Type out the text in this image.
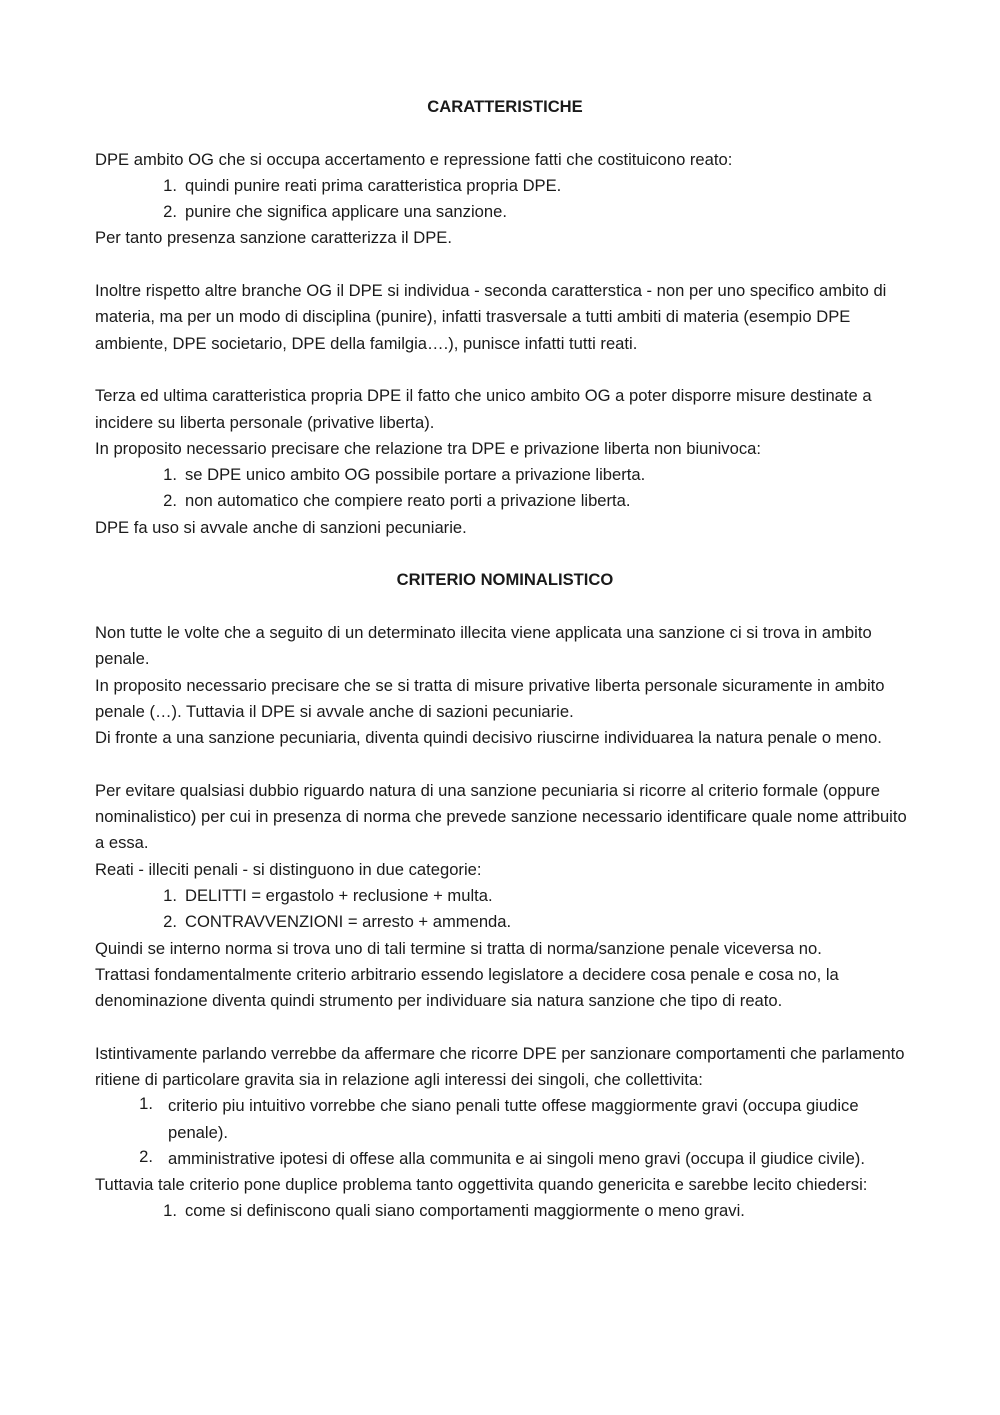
CARATTERISTICHE

DPE ambito OG che si occupa accertamento e repressione fatti che costituicono reato:

1. quindi punire reati prima caratteristica propria DPE.
2. punire che significa applicare una sanzione.

Per tanto presenza sanzione caratterizza il DPE.

Inoltre rispetto altre branche OG il DPE si individua - seconda caratterstica - non per uno specifico ambito di materia, ma per un modo di disciplina (punire), infatti trasversale a tutti ambiti di materia (esempio DPE ambiente, DPE societario, DPE della familgia….), punisce infatti tutti reati.

Terza ed ultima caratteristica propria DPE il fatto che unico ambito OG a poter disporre misure destinate a incidere su liberta personale (privative liberta).

In proposito necessario precisare che relazione tra DPE e privazione liberta non biunivoca:

1. se DPE unico ambito OG possibile portare a privazione liberta.
2. non automatico che compiere reato porti a privazione liberta.

DPE fa uso si avvale anche di sanzioni pecuniarie.

CRITERIO NOMINALISTICO

Non tutte le volte che a seguito di un determinato illecita viene applicata una sanzione ci si trova in ambito penale.

In proposito necessario precisare che se si tratta di misure privative liberta personale sicuramente in ambito penale (…). Tuttavia il DPE si avvale anche di sazioni pecuniarie.

Di fronte a una sanzione pecuniaria, diventa quindi decisivo riuscirne individuarea la natura penale o meno.

Per evitare qualsiasi dubbio riguardo natura di una sanzione pecuniaria si ricorre al criterio formale (oppure nominalistico) per cui in presenza di norma che prevede sanzione necessario identificare quale nome attribuito a essa.

Reati - illeciti penali - si distinguono in due categorie:

1. DELITTI = ergastolo + reclusione + multa.
2. CONTRAVVENZIONI = arresto + ammenda.

Quindi se interno norma si trova uno di tali termine si tratta di norma/sanzione penale viceversa no.

Trattasi fondamentalmente criterio arbitrario essendo legislatore a decidere cosa penale e cosa no, la denominazione diventa quindi strumento per individuare sia natura sanzione che tipo di reato.

Istintivamente parlando verrebbe da affermare che ricorre DPE per sanzionare comportamenti che parlamento ritiene di particolare gravita sia in relazione agli interessi dei singoli, che collettivita:

1. criterio piu intuitivo vorrebbe che siano penali tutte offese maggiormente gravi (occupa giudice penale).
2. amministrative ipotesi di offese alla communita e ai singoli meno gravi (occupa il giudice civile).

Tuttavia tale criterio pone duplice problema tanto oggettivita quando genericita e sarebbe lecito chiedersi:

1. come si definiscono quali siano comportamenti maggiormente o meno gravi.
